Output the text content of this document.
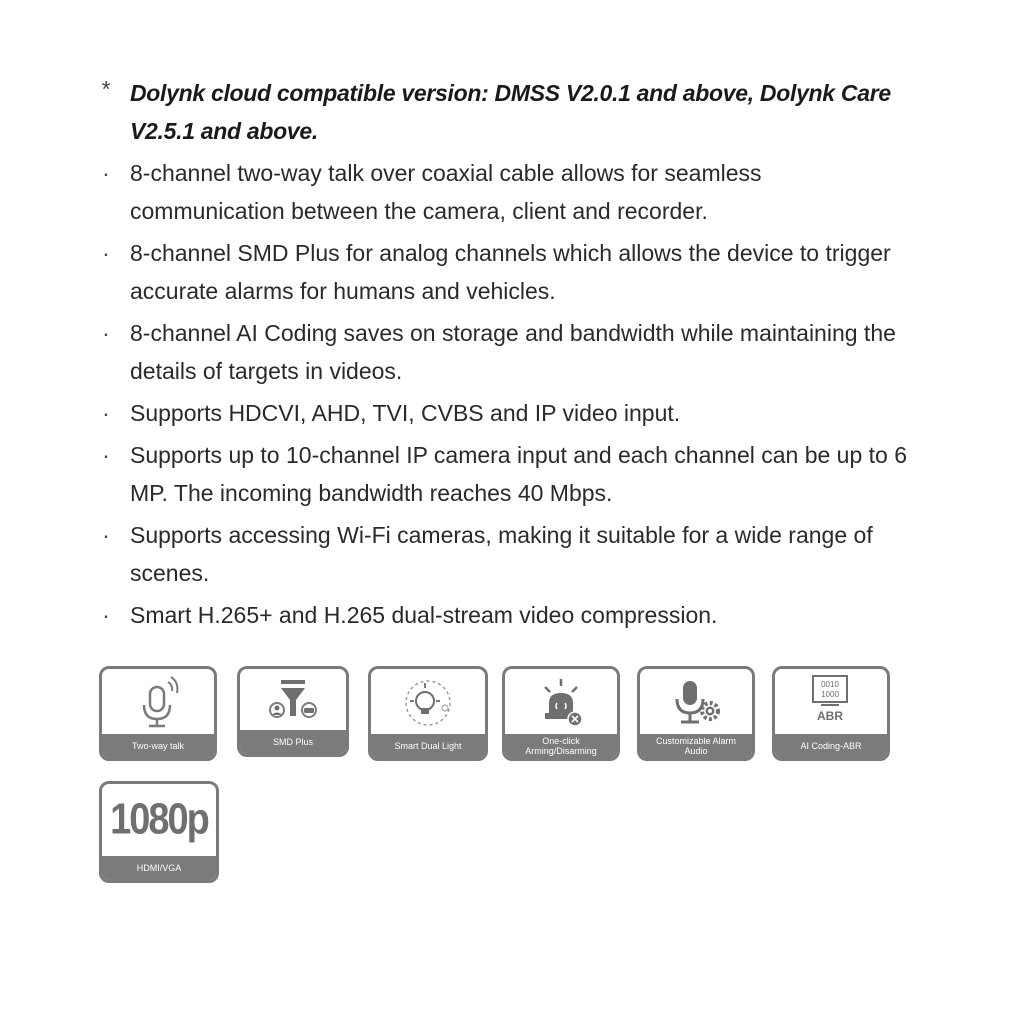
* Dolynk cloud compatible version: DMSS V2.0.1 and above, Dolynk Care V2.5.1 and above.
· 8-channel two-way talk over coaxial cable allows for seamless communication between the camera, client and recorder.
· 8-channel SMD Plus for analog channels which allows the device to trigger accurate alarms for humans and vehicles.
· 8-channel AI Coding saves on storage and bandwidth while maintaining the details of targets in videos.
· Supports HDCVI, AHD, TVI, CVBS and IP video input.
· Supports up to 10-channel IP camera input and each channel can be up to 6 MP. The incoming bandwidth reaches 40 Mbps.
· Supports accessing Wi-Fi cameras, making it suitable for a wide range of scenes.
· Smart H.265+ and H.265 dual-stream video compression.
Two-way talk	SMD Plus	Smart Dual Light	One-click Arming/Disarming
Customizable Alarm Audio
0010
1000
ABR
AI Coding-ABR
1080p
HDMI/VGA
